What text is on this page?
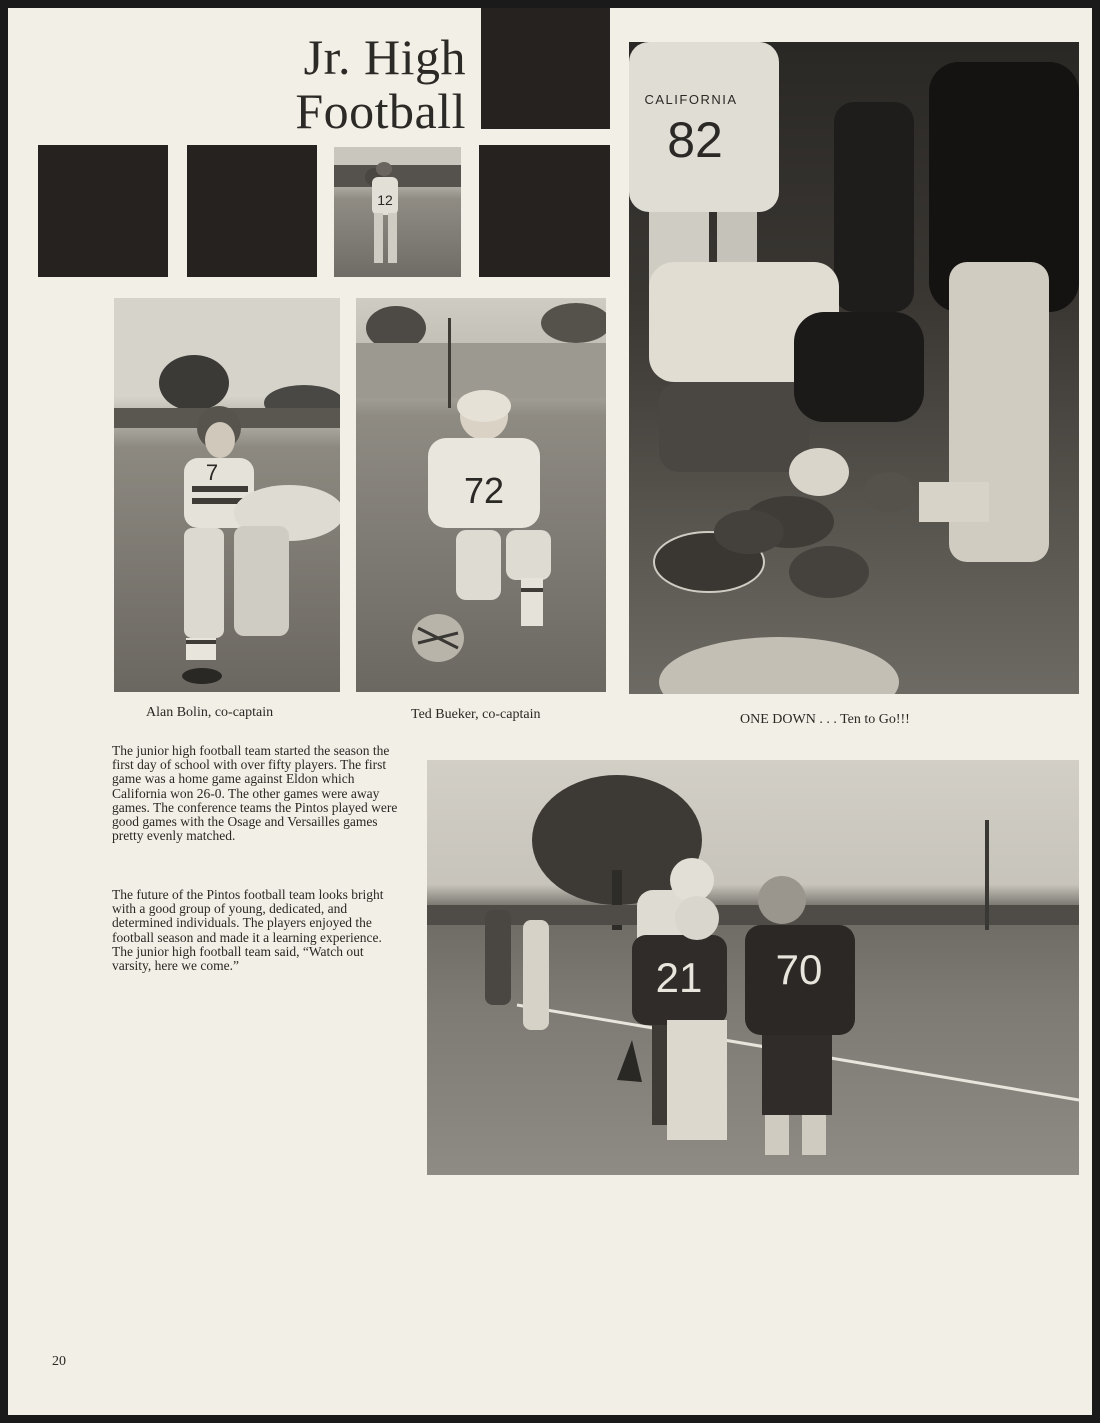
Jr. High
Football
12
7	72
CALIFORNIA
82
Alan Bolin, co-captain	Ted Bueker, co-captain	ONE DOWN . . . Ten to Go!!!
The junior high football team started the season the first day of school with over fifty players. The first game was a home game against Eldon which California won 26-0. The other games were away games. The conference teams the Pintos played were good games with the Osage and Versailles games pretty evenly matched.
The future of the Pintos football team looks bright with a good group of young, dedicated, and determined individuals. The players enjoyed the football season and made it a learning experience. The junior high football team said, “Watch out varsity, here we come.”	21 70
20
